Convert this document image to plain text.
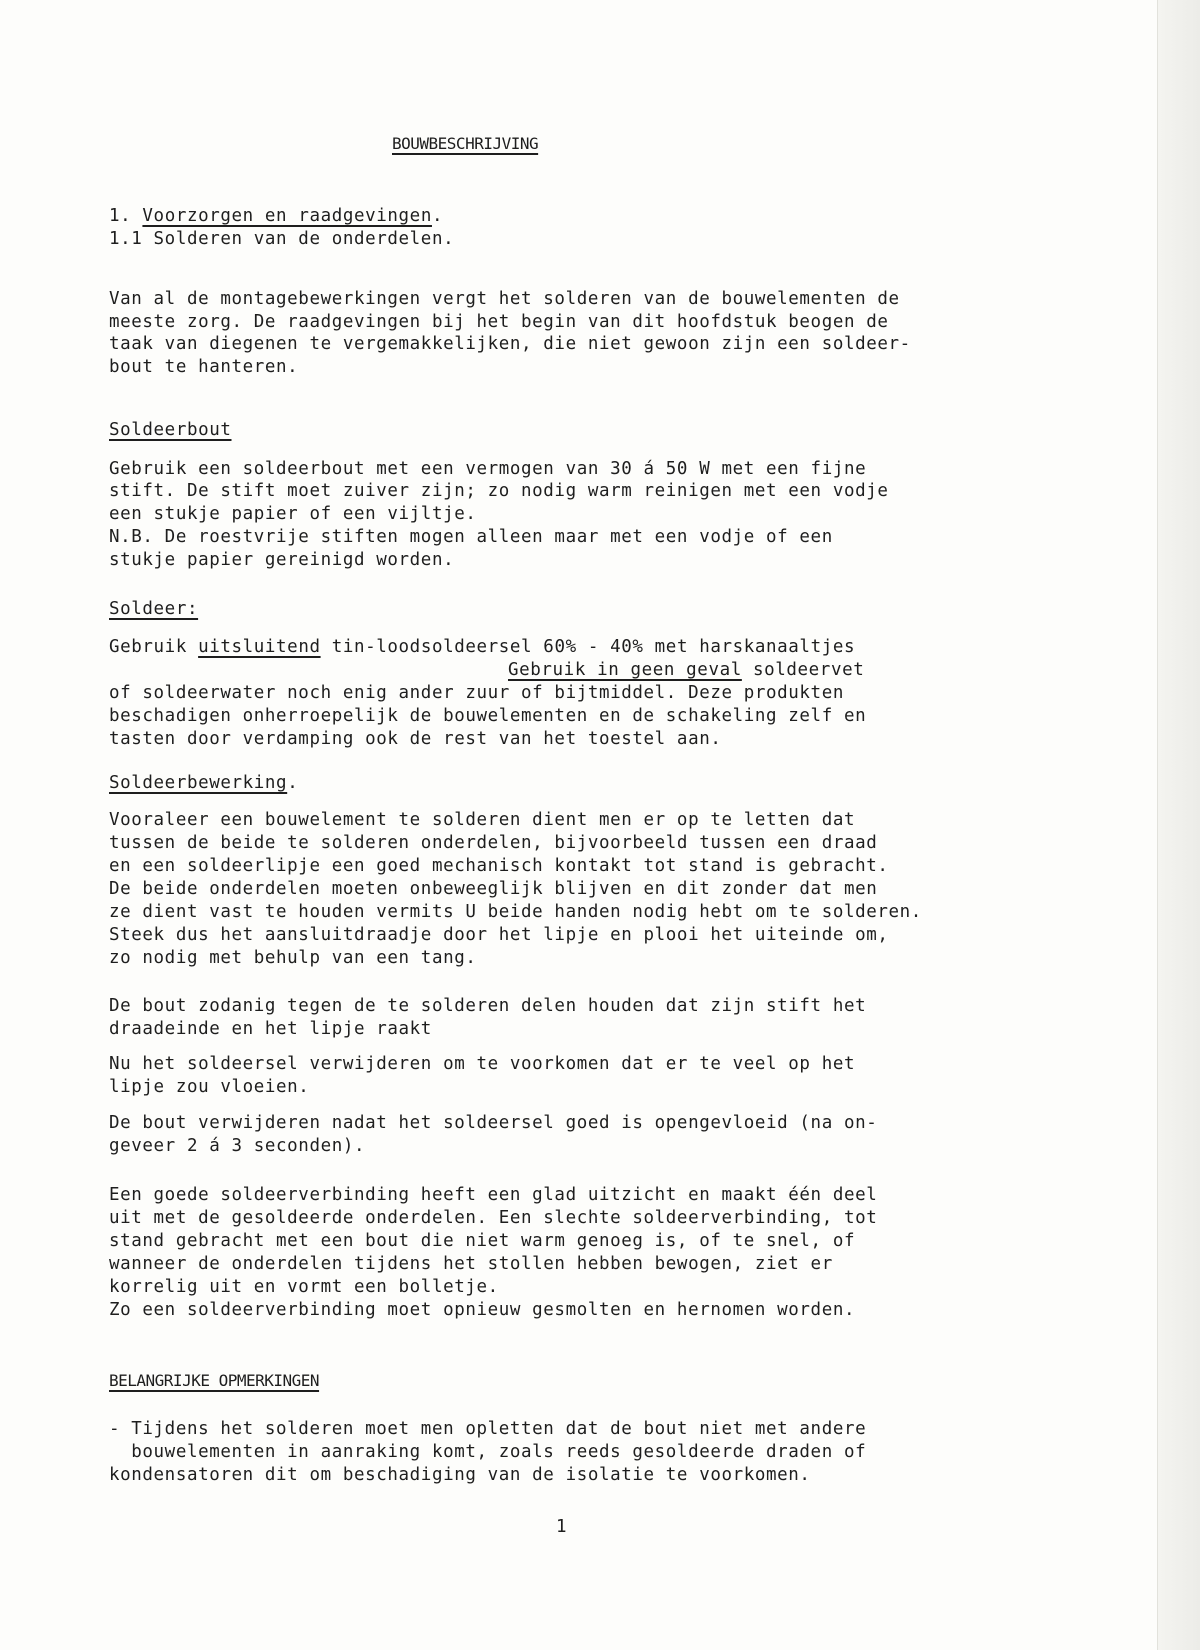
BOUWBESCHRIJVING
1. Voorzorgen en raadgevingen.
1.1 Solderen van de onderdelen.
Van al de montagebewerkingen vergt het solderen van de bouwelementen de
meeste zorg. De raadgevingen bij het begin van dit hoofdstuk beogen de
taak van diegenen te vergemakkelijken, die niet gewoon zijn een soldeer-
bout te hanteren.
Soldeerbout
Gebruik een soldeerbout met een vermogen van 30 á 50 W met een fijne
stift. De stift moet zuiver zijn; zo nodig warm reinigen met een vodje
een stukje papier of een vijltje.
N.B. De roestvrije stiften mogen alleen maar met een vodje of een
stukje papier gereinigd worden.
Soldeer:
Gebruik uitsluitend tin-loodsoldeersel 60% - 40% met harskanaaltjes
Gebruik in geen geval soldeervet
of soldeerwater noch enig ander zuur of bijtmiddel. Deze produkten
beschadigen onherroepelijk de bouwelementen en de schakeling zelf en
tasten door verdamping ook de rest van het toestel aan.
Soldeerbewerking.
Vooraleer een bouwelement te solderen dient men er op te letten dat
tussen de beide te solderen onderdelen, bijvoorbeeld tussen een draad
en een soldeerlipje een goed mechanisch kontakt tot stand is gebracht.
De beide onderdelen moeten onbeweeglijk blijven en dit zonder dat men
ze dient vast te houden vermits U beide handen nodig hebt om te solderen.
Steek dus het aansluitdraadje door het lipje en plooi het uiteinde om,
zo nodig met behulp van een tang.
De bout zodanig tegen de te solderen delen houden dat zijn stift het
draadeinde en het lipje raakt
Nu het soldeersel verwijderen om te voorkomen dat er te veel op het
lipje zou vloeien.
De bout verwijderen nadat het soldeersel goed is opengevloeid (na on-
geveer 2 á 3 seconden).
Een goede soldeerverbinding heeft een glad uitzicht en maakt één deel
uit met de gesoldeerde onderdelen. Een slechte soldeerverbinding, tot
stand gebracht met een bout die niet warm genoeg is, of te snel, of
wanneer de onderdelen tijdens het stollen hebben bewogen, ziet er
korrelig uit en vormt een bolletje.
Zo een soldeerverbinding moet opnieuw gesmolten en hernomen worden.
BELANGRIJKE OPMERKINGEN
- Tijdens het solderen moet men opletten dat de bout niet met andere
bouwelementen in aanraking komt, zoals reeds gesoldeerde draden of
kondensatoren dit om beschadiging van de isolatie te voorkomen.
1
